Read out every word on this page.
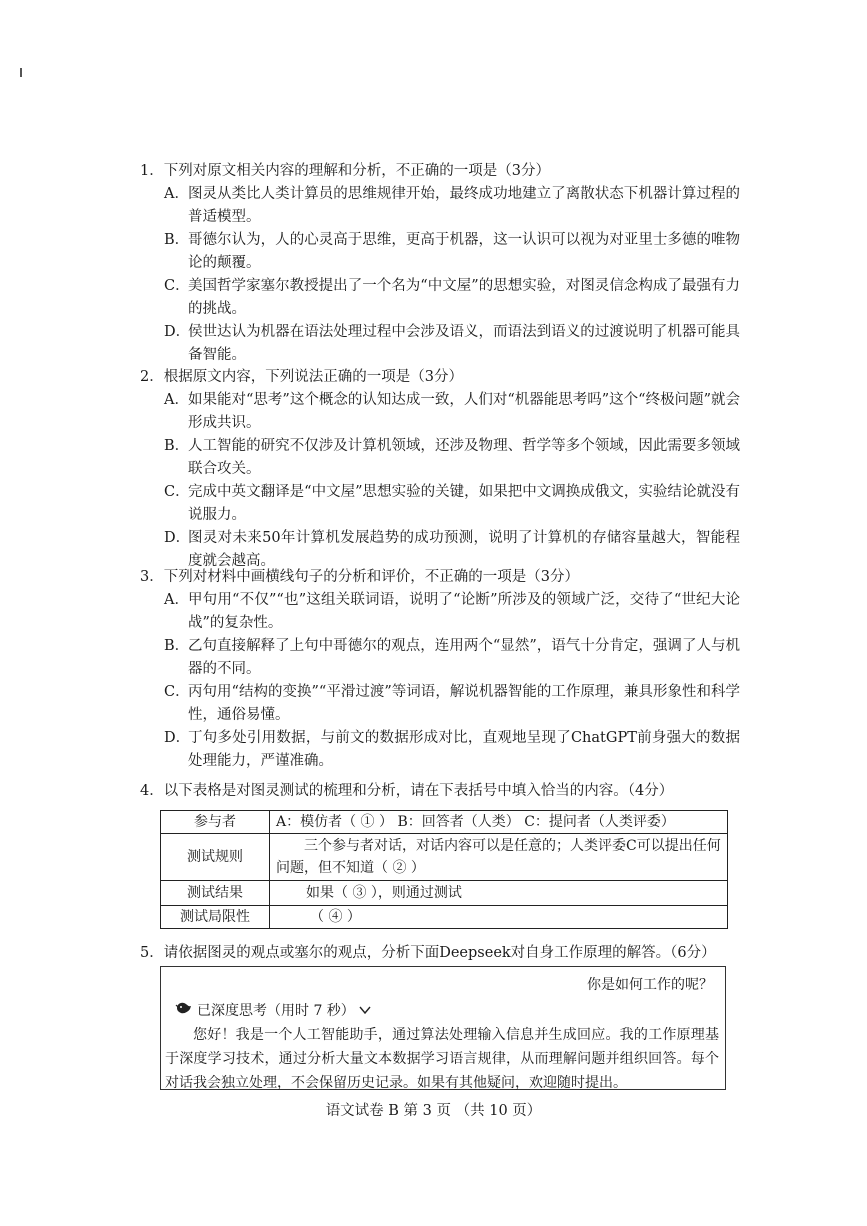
1．下列对原文相关内容的理解和分析，不正确的一项是（3分）
A． 图灵从类比人类计算员的思维规律开始，最终成功地建立了离散状态下机器计算过程的普适模型。
B．
哥德尔认为，人的心灵高于思维，更高于机器，这一认识可以视为对亚里士多德的唯物论的颠覆。
C．
美国哲学家塞尔教授提出了一个名为“中文屋”的思想实验，对图灵信念构成了最强有力的挑战。
D．
侯世达认为机器在语法处理过程中会涉及语义，而语法到语义的过渡说明了机器可能具备智能。
2．根据原文内容，下列说法正确的一项是（3分）
A． 如果能对“思考”这个概念的认知达成一致，人们对“机器能思考吗”这个“终极问题”就会形成共识。
B．
人工智能的研究不仅涉及计算机领域，还涉及物理、哲学等多个领域，因此需要多领域联合攻关。
C．
完成中英文翻译是“中文屋”思想实验的关键，如果把中文调换成俄文，实验结论就没有说服力。
D．
图灵对未来50年计算机发展趋势的成功预测，说明了计算机的存储容量越大，智能程度就会越高。
3．下列对材料中画横线句子的分析和评价，不正确的一项是（3分）
A． 甲句用“不仅”“也”这组关联词语，说明了“论断”所涉及的领域广泛，交待了“世纪大论战”的复杂性。
B．
乙句直接解释了上句中哥德尔的观点，连用两个“显然”，语气十分肯定，强调了人与机器的不同。
C．
丙句用“结构的变换”“平滑过渡”等词语，解说机器智能的工作原理，兼具形象性和科学性，通俗易懂。
D．
丁句多处引用数据，与前文的数据形成对比，直观地呈现了ChatGPT前身强大的数据处理能力，严谨准确。
4．以下表格是对图灵测试的梳理和分析，请在下表括号中填入恰当的内容。（4分）
参与者	A：模仿者（ ① ） B：回答者（人类） C：提问者（人类评委）
测试规则	三个参与者对话，对话内容可以是任意的；人类评委C可以提出任何问题，但不知道（ ② ）
测试结果	如果（ ③ ），则通过测试
测试局限性	（ ④ ）
5．请依据图灵的观点或塞尔的观点，分析下面Deepseek对自身工作原理的解答。（6分）
你是如何工作的呢？
已深度思考（用时 7 秒）
您好！我是一个人工智能助手，通过算法处理输入信息并生成回应。我的工作原理基于深度学习技术，通过分析大量文本数据学习语言规律，从而理解问题并组织回答。每个对话我会独立处理，不会保留历史记录。如果有其他疑问，欢迎随时提出。
语文试卷 B 第 3 页 （共 10 页）
